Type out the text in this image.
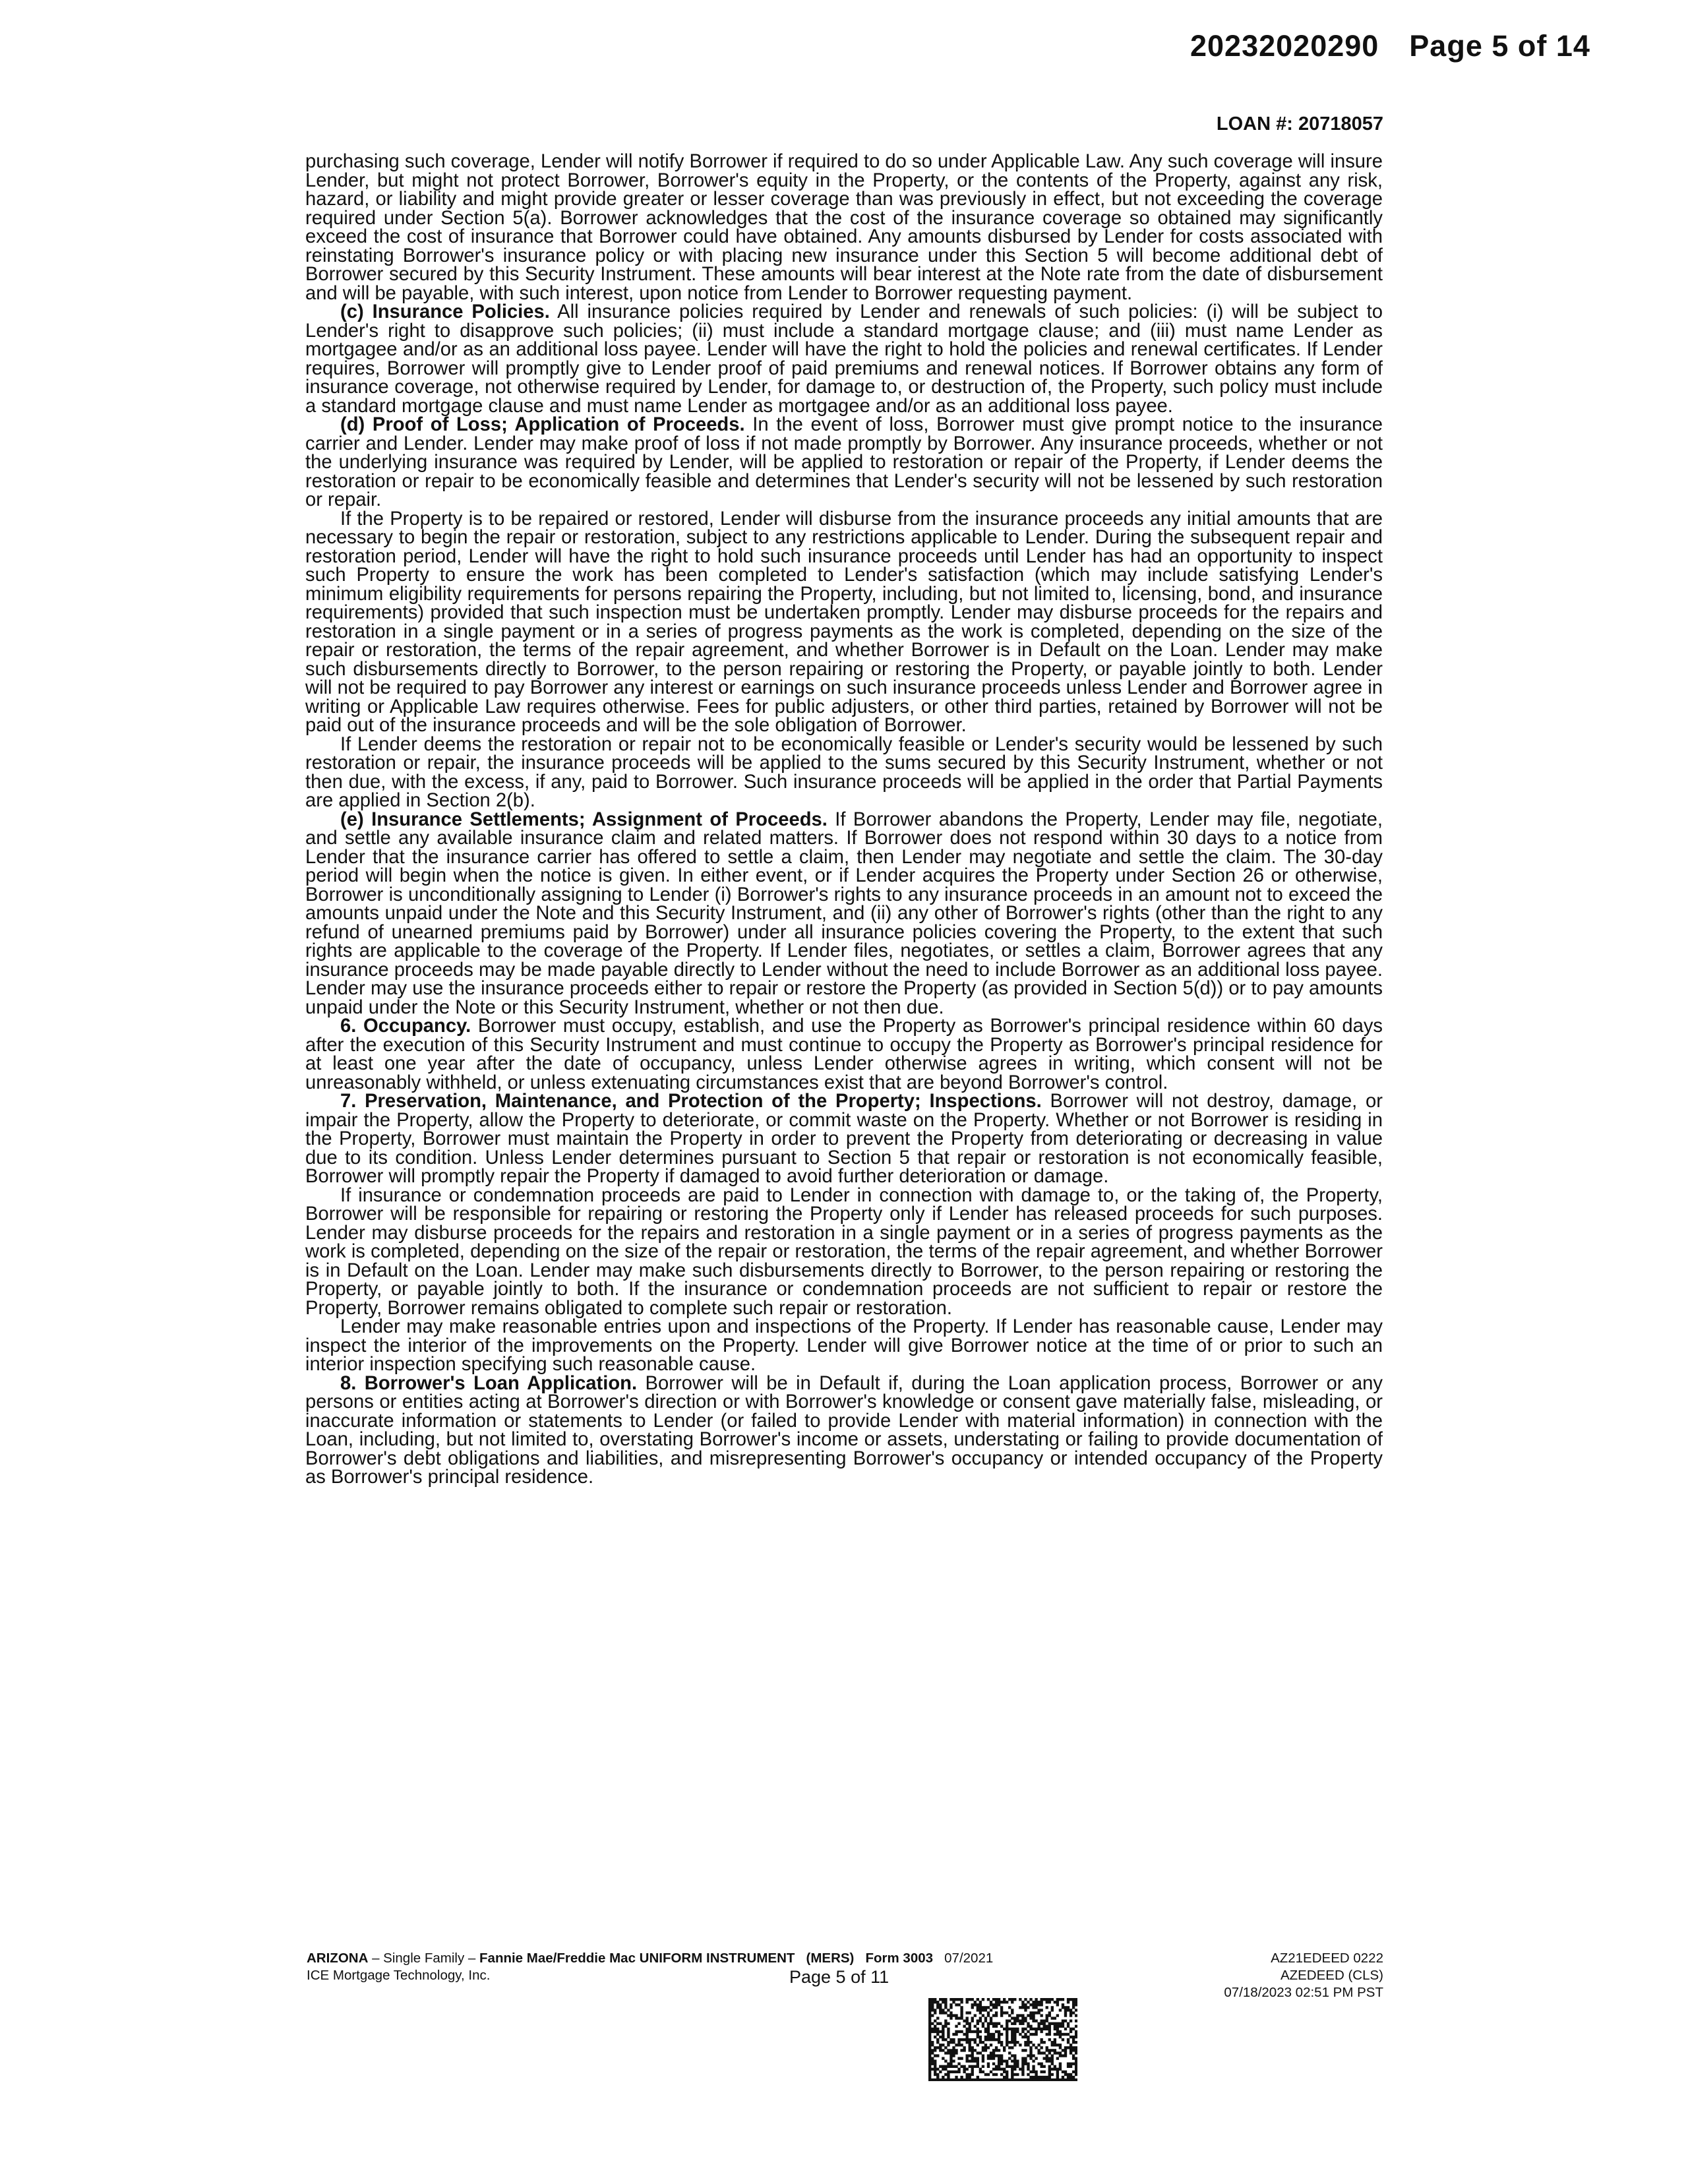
20232020290 Page 5 of 14
LOAN #: 20718057

purchasing such coverage, Lender will notify Borrower if required to do so under Applicable Law. Any such coverage will insure Lender, but might not protect Borrower, Borrower's equity in the Property, or the contents of the Property, against any risk, hazard, or liability and might provide greater or lesser coverage than was previously in effect, but not exceeding the coverage required under Section 5(a). Borrower acknowledges that the cost of the insurance coverage so obtained may significantly exceed the cost of insurance that Borrower could have obtained. Any amounts disbursed by Lender for costs associated with reinstating Borrower's insurance policy or with placing new insurance under this Section 5 will become additional debt of Borrower secured by this Security Instrument. These amounts will bear interest at the Note rate from the date of disbursement and will be payable, with such interest, upon notice from Lender to Borrower requesting payment.

(c) Insurance Policies. All insurance policies required by Lender and renewals of such policies: (i) will be subject to Lender's right to disapprove such policies; (ii) must include a standard mortgage clause; and (iii) must name Lender as mortgagee and/or as an additional loss payee. Lender will have the right to hold the policies and renewal certificates. If Lender requires, Borrower will promptly give to Lender proof of paid premiums and renewal notices. If Borrower obtains any form of insurance coverage, not otherwise required by Lender, for damage to, or destruction of, the Property, such policy must include a standard mortgage clause and must name Lender as mortgagee and/or as an additional loss payee.

(d) Proof of Loss; Application of Proceeds. In the event of loss, Borrower must give prompt notice to the insurance carrier and Lender. Lender may make proof of loss if not made promptly by Borrower. Any insurance proceeds, whether or not the underlying insurance was required by Lender, will be applied to restoration or repair of the Property, if Lender deems the restoration or repair to be economically feasible and determines that Lender's security will not be lessened by such restoration or repair.

If the Property is to be repaired or restored, Lender will disburse from the insurance proceeds any initial amounts that are necessary to begin the repair or restoration, subject to any restrictions applicable to Lender. During the subsequent repair and restoration period, Lender will have the right to hold such insurance proceeds until Lender has had an opportunity to inspect such Property to ensure the work has been completed to Lender's satisfaction (which may include satisfying Lender's minimum eligibility requirements for persons repairing the Property, including, but not limited to, licensing, bond, and insurance requirements) provided that such inspection must be undertaken promptly. Lender may disburse proceeds for the repairs and restoration in a single payment or in a series of progress payments as the work is completed, depending on the size of the repair or restoration, the terms of the repair agreement, and whether Borrower is in Default on the Loan. Lender may make such disbursements directly to Borrower, to the person repairing or restoring the Property, or payable jointly to both. Lender will not be required to pay Borrower any interest or earnings on such insurance proceeds unless Lender and Borrower agree in writing or Applicable Law requires otherwise. Fees for public adjusters, or other third parties, retained by Borrower will not be paid out of the insurance proceeds and will be the sole obligation of Borrower.

If Lender deems the restoration or repair not to be economically feasible or Lender's security would be lessened by such restoration or repair, the insurance proceeds will be applied to the sums secured by this Security Instrument, whether or not then due, with the excess, if any, paid to Borrower. Such insurance proceeds will be applied in the order that Partial Payments are applied in Section 2(b).

(e) Insurance Settlements; Assignment of Proceeds. If Borrower abandons the Property, Lender may file, negotiate, and settle any available insurance claim and related matters. If Borrower does not respond within 30 days to a notice from Lender that the insurance carrier has offered to settle a claim, then Lender may negotiate and settle the claim. The 30-day period will begin when the notice is given. In either event, or if Lender acquires the Property under Section 26 or otherwise, Borrower is unconditionally assigning to Lender (i) Borrower's rights to any insurance proceeds in an amount not to exceed the amounts unpaid under the Note and this Security Instrument, and (ii) any other of Borrower's rights (other than the right to any refund of unearned premiums paid by Borrower) under all insurance policies covering the Property, to the extent that such rights are applicable to the coverage of the Property. If Lender files, negotiates, or settles a claim, Borrower agrees that any insurance proceeds may be made payable directly to Lender without the need to include Borrower as an additional loss payee. Lender may use the insurance proceeds either to repair or restore the Property (as provided in Section 5(d)) or to pay amounts unpaid under the Note or this Security Instrument, whether or not then due.

6. Occupancy. Borrower must occupy, establish, and use the Property as Borrower's principal residence within 60 days after the execution of this Security Instrument and must continue to occupy the Property as Borrower's principal residence for at least one year after the date of occupancy, unless Lender otherwise agrees in writing, which consent will not be unreasonably withheld, or unless extenuating circumstances exist that are beyond Borrower's control.

7. Preservation, Maintenance, and Protection of the Property; Inspections. Borrower will not destroy, damage, or impair the Property, allow the Property to deteriorate, or commit waste on the Property. Whether or not Borrower is residing in the Property, Borrower must maintain the Property in order to prevent the Property from deteriorating or decreasing in value due to its condition. Unless Lender determines pursuant to Section 5 that repair or restoration is not economically feasible, Borrower will promptly repair the Property if damaged to avoid further deterioration or damage.

If insurance or condemnation proceeds are paid to Lender in connection with damage to, or the taking of, the Property, Borrower will be responsible for repairing or restoring the Property only if Lender has released proceeds for such purposes. Lender may disburse proceeds for the repairs and restoration in a single payment or in a series of progress payments as the work is completed, depending on the size of the repair or restoration, the terms of the repair agreement, and whether Borrower is in Default on the Loan. Lender may make such disbursements directly to Borrower, to the person repairing or restoring the Property, or payable jointly to both. If the insurance or condemnation proceeds are not sufficient to repair or restore the Property, Borrower remains obligated to complete such repair or restoration.

Lender may make reasonable entries upon and inspections of the Property. If Lender has reasonable cause, Lender may inspect the interior of the improvements on the Property. Lender will give Borrower notice at the time of or prior to such an interior inspection specifying such reasonable cause.

8. Borrower's Loan Application. Borrower will be in Default if, during the Loan application process, Borrower or any persons or entities acting at Borrower's direction or with Borrower's knowledge or consent gave materially false, misleading, or inaccurate information or statements to Lender (or failed to provide Lender with material information) in connection with the Loan, including, but not limited to, overstating Borrower's income or assets, understating or failing to provide documentation of Borrower's debt obligations and liabilities, and misrepresenting Borrower's occupancy or intended occupancy of the Property as Borrower's principal residence.

ARIZONA – Single Family – Fannie Mae/Freddie Mac UNIFORM INSTRUMENT (MERS) Form 3003 07/2021
ICE Mortgage Technology, Inc.	Page 5 of 11
AZ21EDEED 0222
AZEDEED (CLS)
07/18/2023 02:51 PM PST
